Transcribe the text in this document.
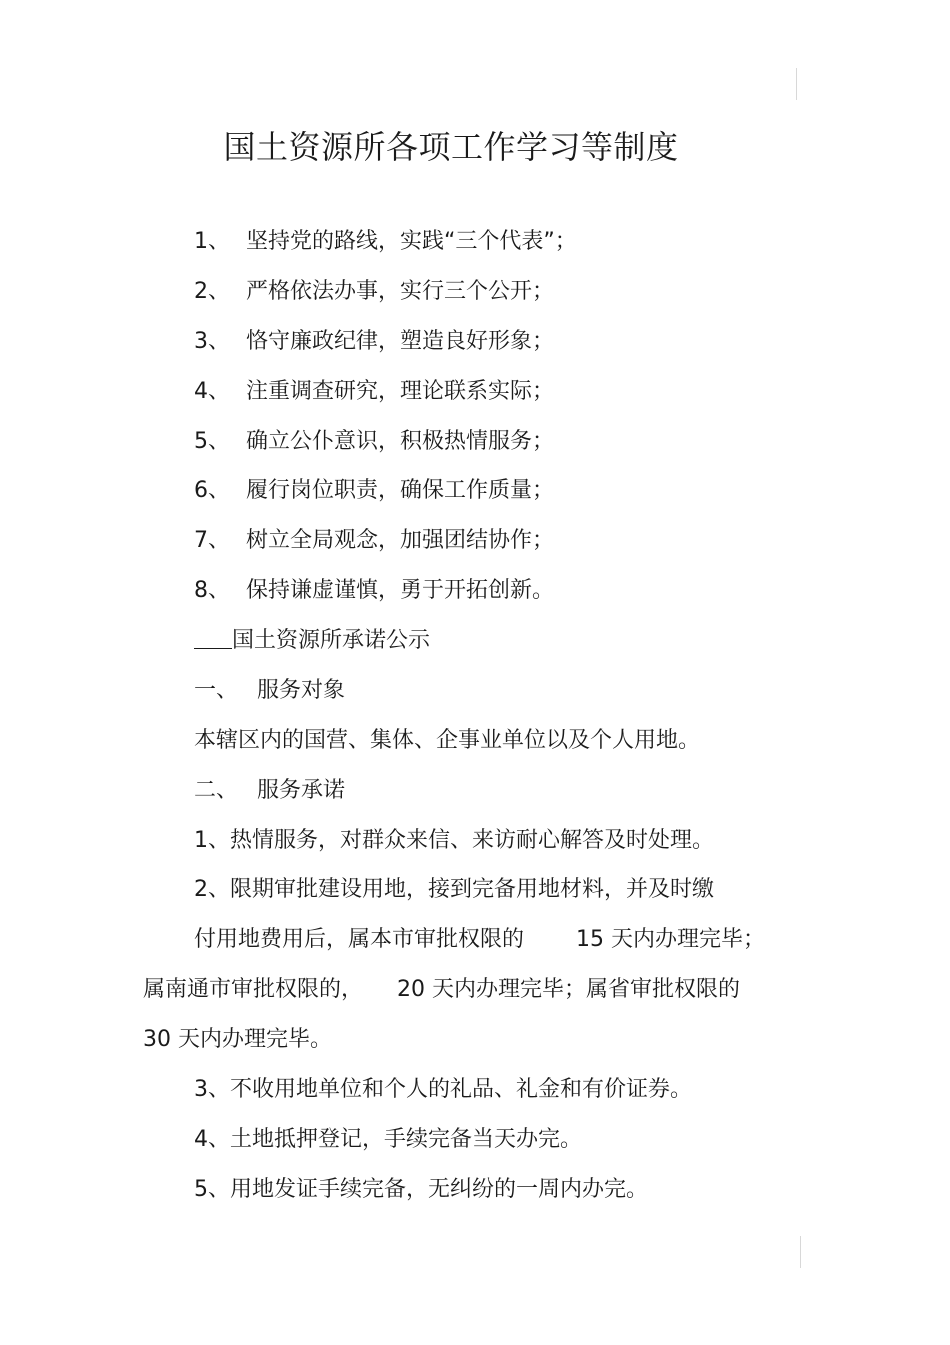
国土资源所各项工作学习等制度

1、 坚持党的路线，实践“三个代表”；

2、 严格依法办事，实行三个公开；

3、 恪守廉政纪律，塑造良好形象；

4、 注重调查研究，理论联系实际；

5、 确立公仆意识，积极热情服务；

6、 履行岗位职责，确保工作质量；

7、 树立全局观念，加强团结协作；

8、 保持谦虚谨慎，勇于开拓创新。

国土资源所承诺公示

一、 服务对象

本辖区内的国营、集体、企事业单位以及个人用地。

二、 服务承诺

1、热情服务，对群众来信、来访耐心解答及时处理。

2、限期审批建设用地，接到完备用地材料，并及时缴

付用地费用后，属本市审批权限的 15 天内办理完毕；

属南通市审批权限的， 20 天内办理完毕；属省审批权限的

30 天内办理完毕。

3、不收用地单位和个人的礼品、礼金和有价证券。

4、土地抵押登记，手续完备当天办完。

5、用地发证手续完备，无纠纷的一周内办完。
